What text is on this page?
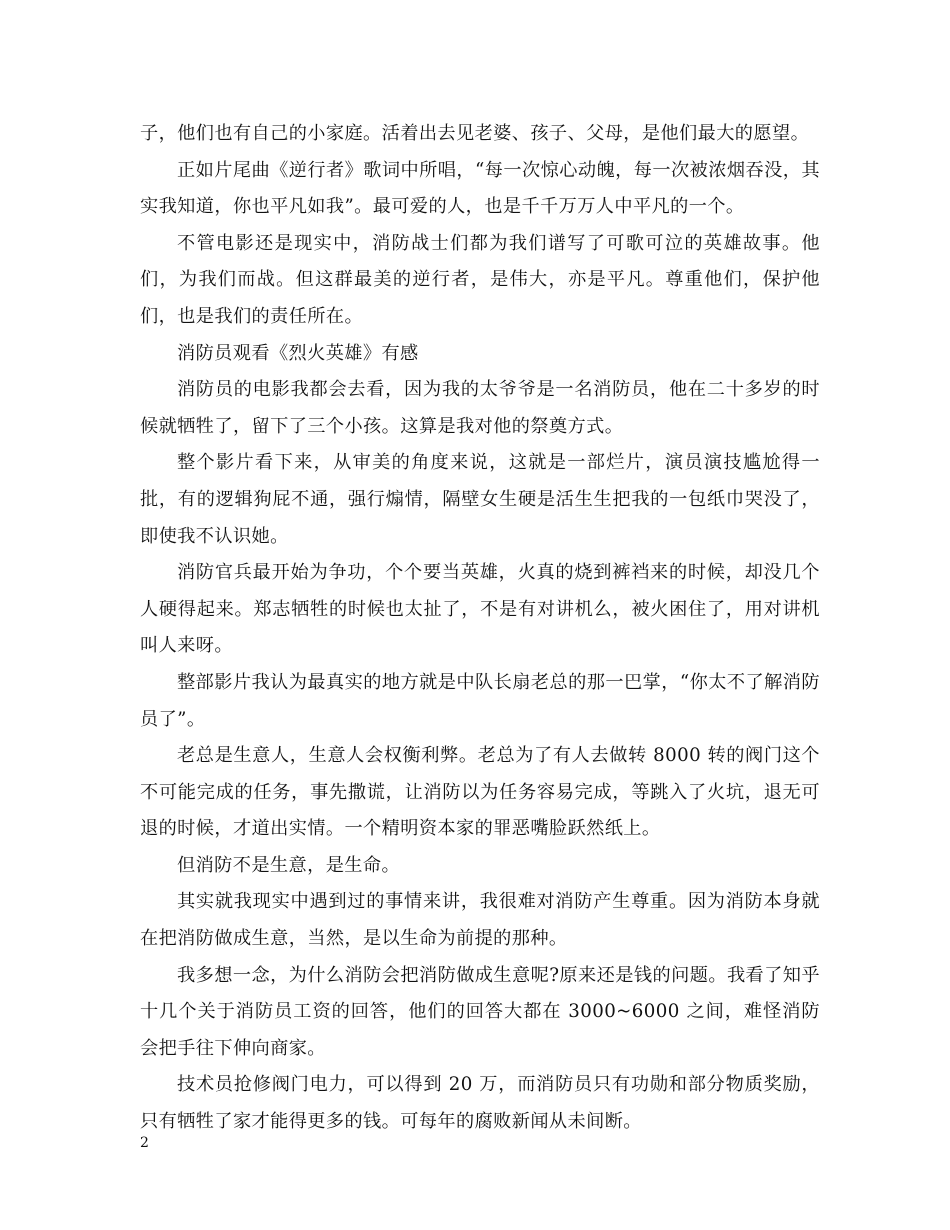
子，他们也有自己的小家庭。活着出去见老婆、孩子、父母，是他们最大的愿望。

正如片尾曲《逆行者》歌词中所唱，“每一次惊心动魄，每一次被浓烟吞没，其实我知道，你也平凡如我”。最可爱的人，也是千千万万人中平凡的一个。

不管电影还是现实中，消防战士们都为我们谱写了可歌可泣的英雄故事。他们，为我们而战。但这群最美的逆行者，是伟大，亦是平凡。尊重他们，保护他们，也是我们的责任所在。

消防员观看《烈火英雄》有感

消防员的电影我都会去看，因为我的太爷爷是一名消防员，他在二十多岁的时候就牺牲了，留下了三个小孩。这算是我对他的祭奠方式。

整个影片看下来，从审美的角度来说，这就是一部烂片，演员演技尴尬得一批，有的逻辑狗屁不通，强行煽情，隔壁女生硬是活生生把我的一包纸巾哭没了，即使我不认识她。

消防官兵最开始为争功，个个要当英雄，火真的烧到裤裆来的时候，却没几个人硬得起来。郑志牺牲的时候也太扯了，不是有对讲机么，被火困住了，用对讲机叫人来呀。

整部影片我认为最真实的地方就是中队长扇老总的那一巴掌，“你太不了解消防员了”。

老总是生意人，生意人会权衡利弊。老总为了有人去做转 8000 转的阀门这个不可能完成的任务，事先撒谎，让消防以为任务容易完成，等跳入了火坑，退无可退的时候，才道出实情。一个精明资本家的罪恶嘴脸跃然纸上。

但消防不是生意，是生命。

其实就我现实中遇到过的事情来讲，我很难对消防产生尊重。因为消防本身就在把消防做成生意，当然，是以生命为前提的那种。

我多想一念，为什么消防会把消防做成生意呢?原来还是钱的问题。我看了知乎十几个关于消防员工资的回答，他们的回答大都在 3000~6000 之间，难怪消防会把手往下伸向商家。

技术员抢修阀门电力，可以得到 20 万，而消防员只有功勋和部分物质奖励，只有牺牲了家才能得更多的钱。可每年的腐败新闻从未间断。

2
